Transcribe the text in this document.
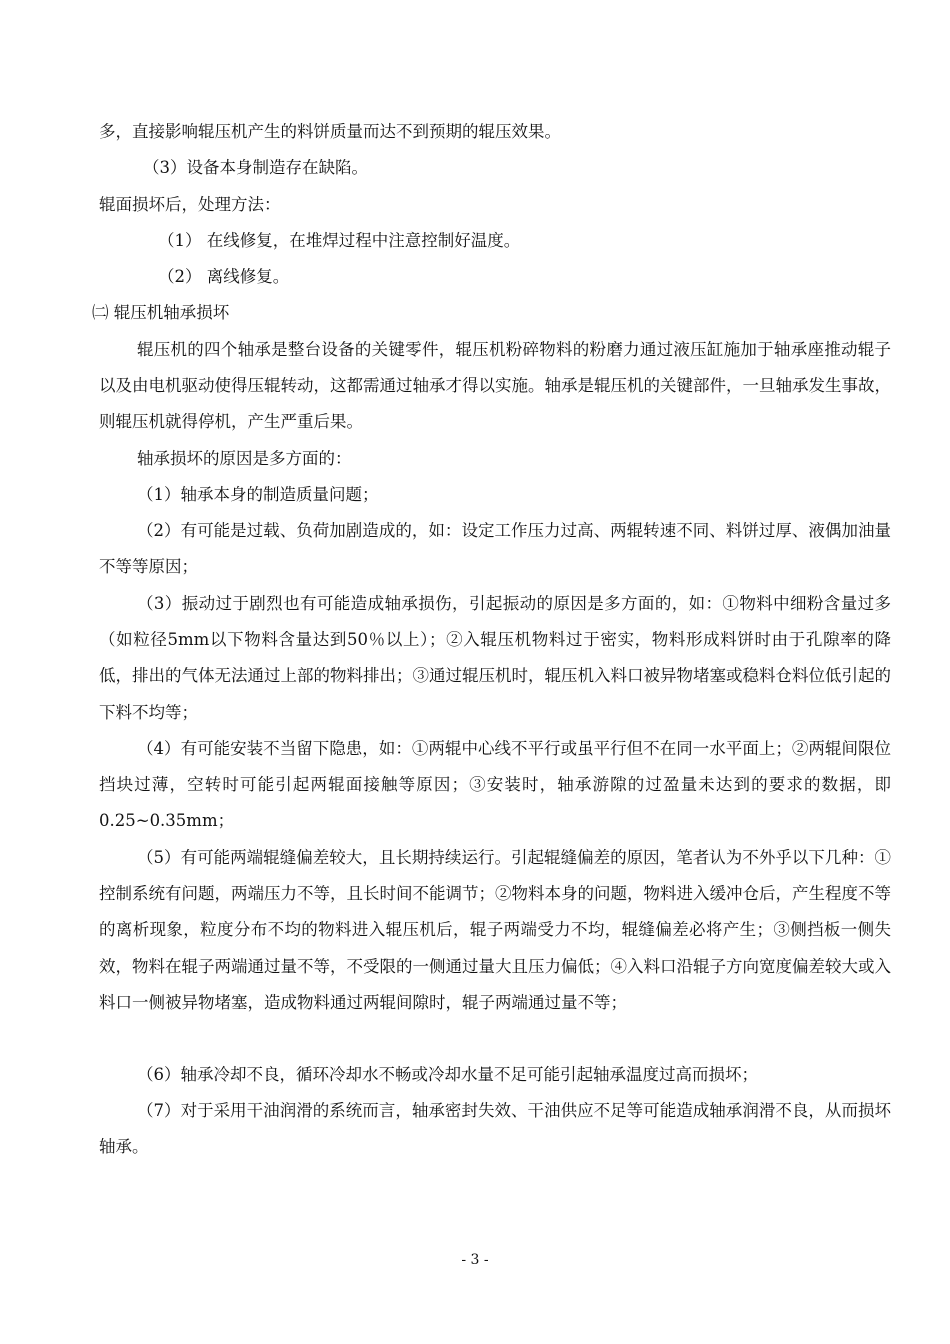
多，直接影响辊压机产生的料饼质量而达不到预期的辊压效果。
（3）设备本身制造存在缺陷。
辊面损坏后，处理方法：
（1） 在线修复，在堆焊过程中注意控制好温度。
（2） 离线修复。
㈡ 辊压机轴承损坏

辊压机的四个轴承是整台设备的关键零件，辊压机粉碎物料的粉磨力通过液压缸施加于轴承座推动辊子以及由电机驱动使得压辊转动，这都需通过轴承才得以实施。轴承是辊压机的关键部件，一旦轴承发生事故，则辊压机就得停机，产生严重后果。

轴承损坏的原因是多方面的：

（1）轴承本身的制造质量问题；

（2）有可能是过载、负荷加剧造成的，如：设定工作压力过高、两辊转速不同、料饼过厚、液偶加油量不等等原因；

（3）振动过于剧烈也有可能造成轴承损伤，引起振动的原因是多方面的，如：①物料中细粉含量过多（如粒径5mm以下物料含量达到50％以上）；②入辊压机物料过于密实，物料形成料饼时由于孔隙率的降低，排出的气体无法通过上部的物料排出；③通过辊压机时，辊压机入料口被异物堵塞或稳料仓料位低引起的下料不均等；

（4）有可能安装不当留下隐患，如：①两辊中心线不平行或虽平行但不在同一水平面上；②两辊间限位挡块过薄，空转时可能引起两辊面接触等原因；③安装时，轴承游隙的过盈量未达到的要求的数据，即0.25~0.35mm；

（5）有可能两端辊缝偏差较大，且长期持续运行。引起辊缝偏差的原因，笔者认为不外乎以下几种：①控制系统有问题，两端压力不等，且长时间不能调节；②物料本身的问题，物料进入缓冲仓后，产生程度不等的离析现象，粒度分布不均的物料进入辊压机后，辊子两端受力不均，辊缝偏差必将产生；③侧挡板一侧失效，物料在辊子两端通过量不等，不受限的一侧通过量大且压力偏低；④入料口沿辊子方向宽度偏差较大或入料口一侧被异物堵塞，造成物料通过两辊间隙时，辊子两端通过量不等；

（6）轴承冷却不良，循环冷却水不畅或冷却水量不足可能引起轴承温度过高而损坏；

（7）对于采用干油润滑的系统而言，轴承密封失效、干油供应不足等可能造成轴承润滑不良，从而损坏轴承。

- 3 -
